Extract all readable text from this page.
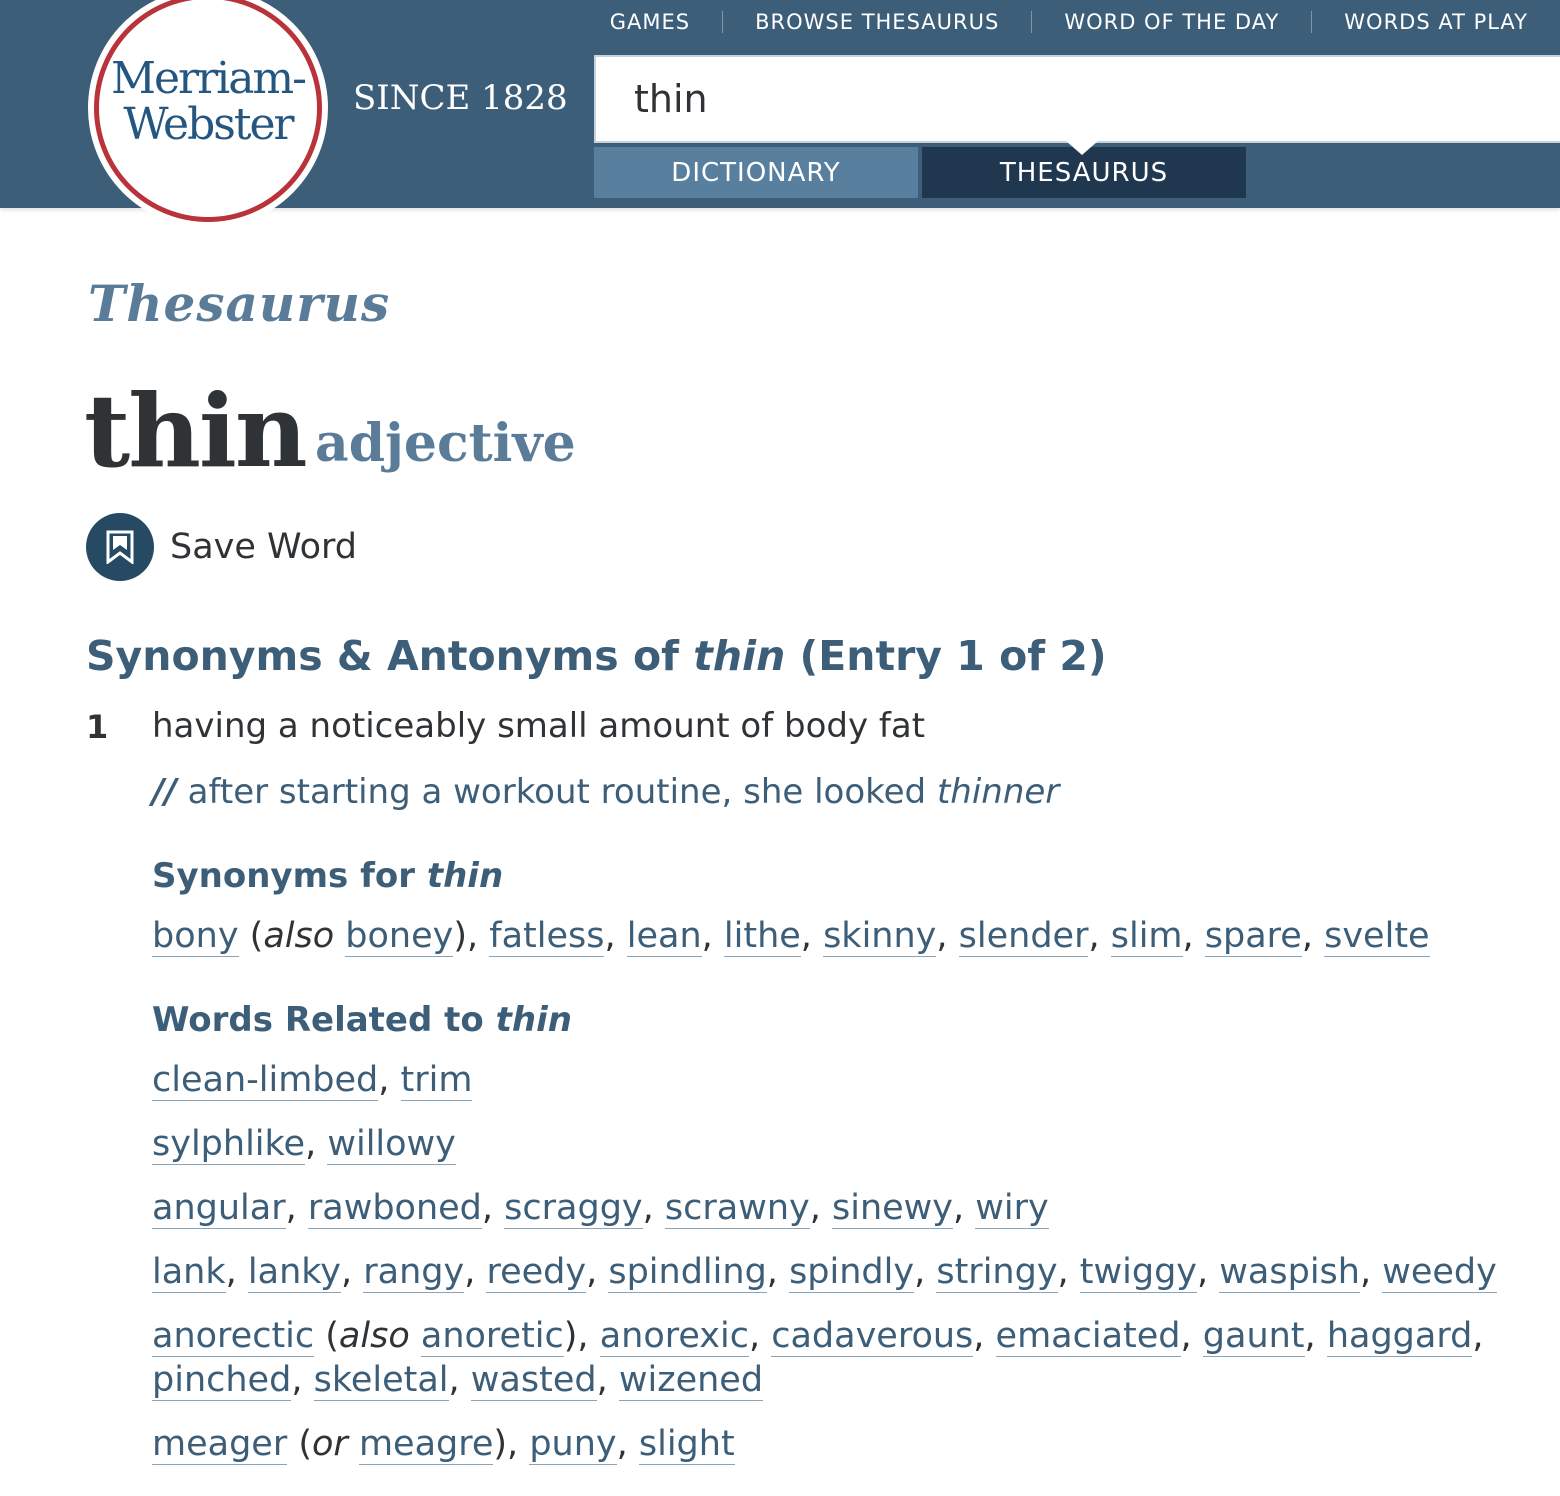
Merriam-
Webster
SINCE 1828
GAMES	BROWSE THESAURUS	WORD OF THE DAY	WORDS AT PLAY
thin
DICTIONARY	THESAURUS
Thesaurus
thin adjective
Save Word
Synonyms & Antonyms of thin (Entry 1 of 2)
1 having a noticeably small amount of body fat
// after starting a workout routine, she looked thinner
Synonyms for thin
bony (also boney), fatless, lean, lithe, skinny, slender, slim, spare, svelte
Words Related to thin
clean-limbed, trim
sylphlike, willowy
angular, rawboned, scraggy, scrawny, sinewy, wiry
lank, lanky, rangy, reedy, spindling, spindly, stringy, twiggy, waspish, weedy
anorectic (also anoretic), anorexic, cadaverous, emaciated, gaunt, haggard,
pinched, skeletal, wasted, wizened
meager (or meagre), puny, slight
